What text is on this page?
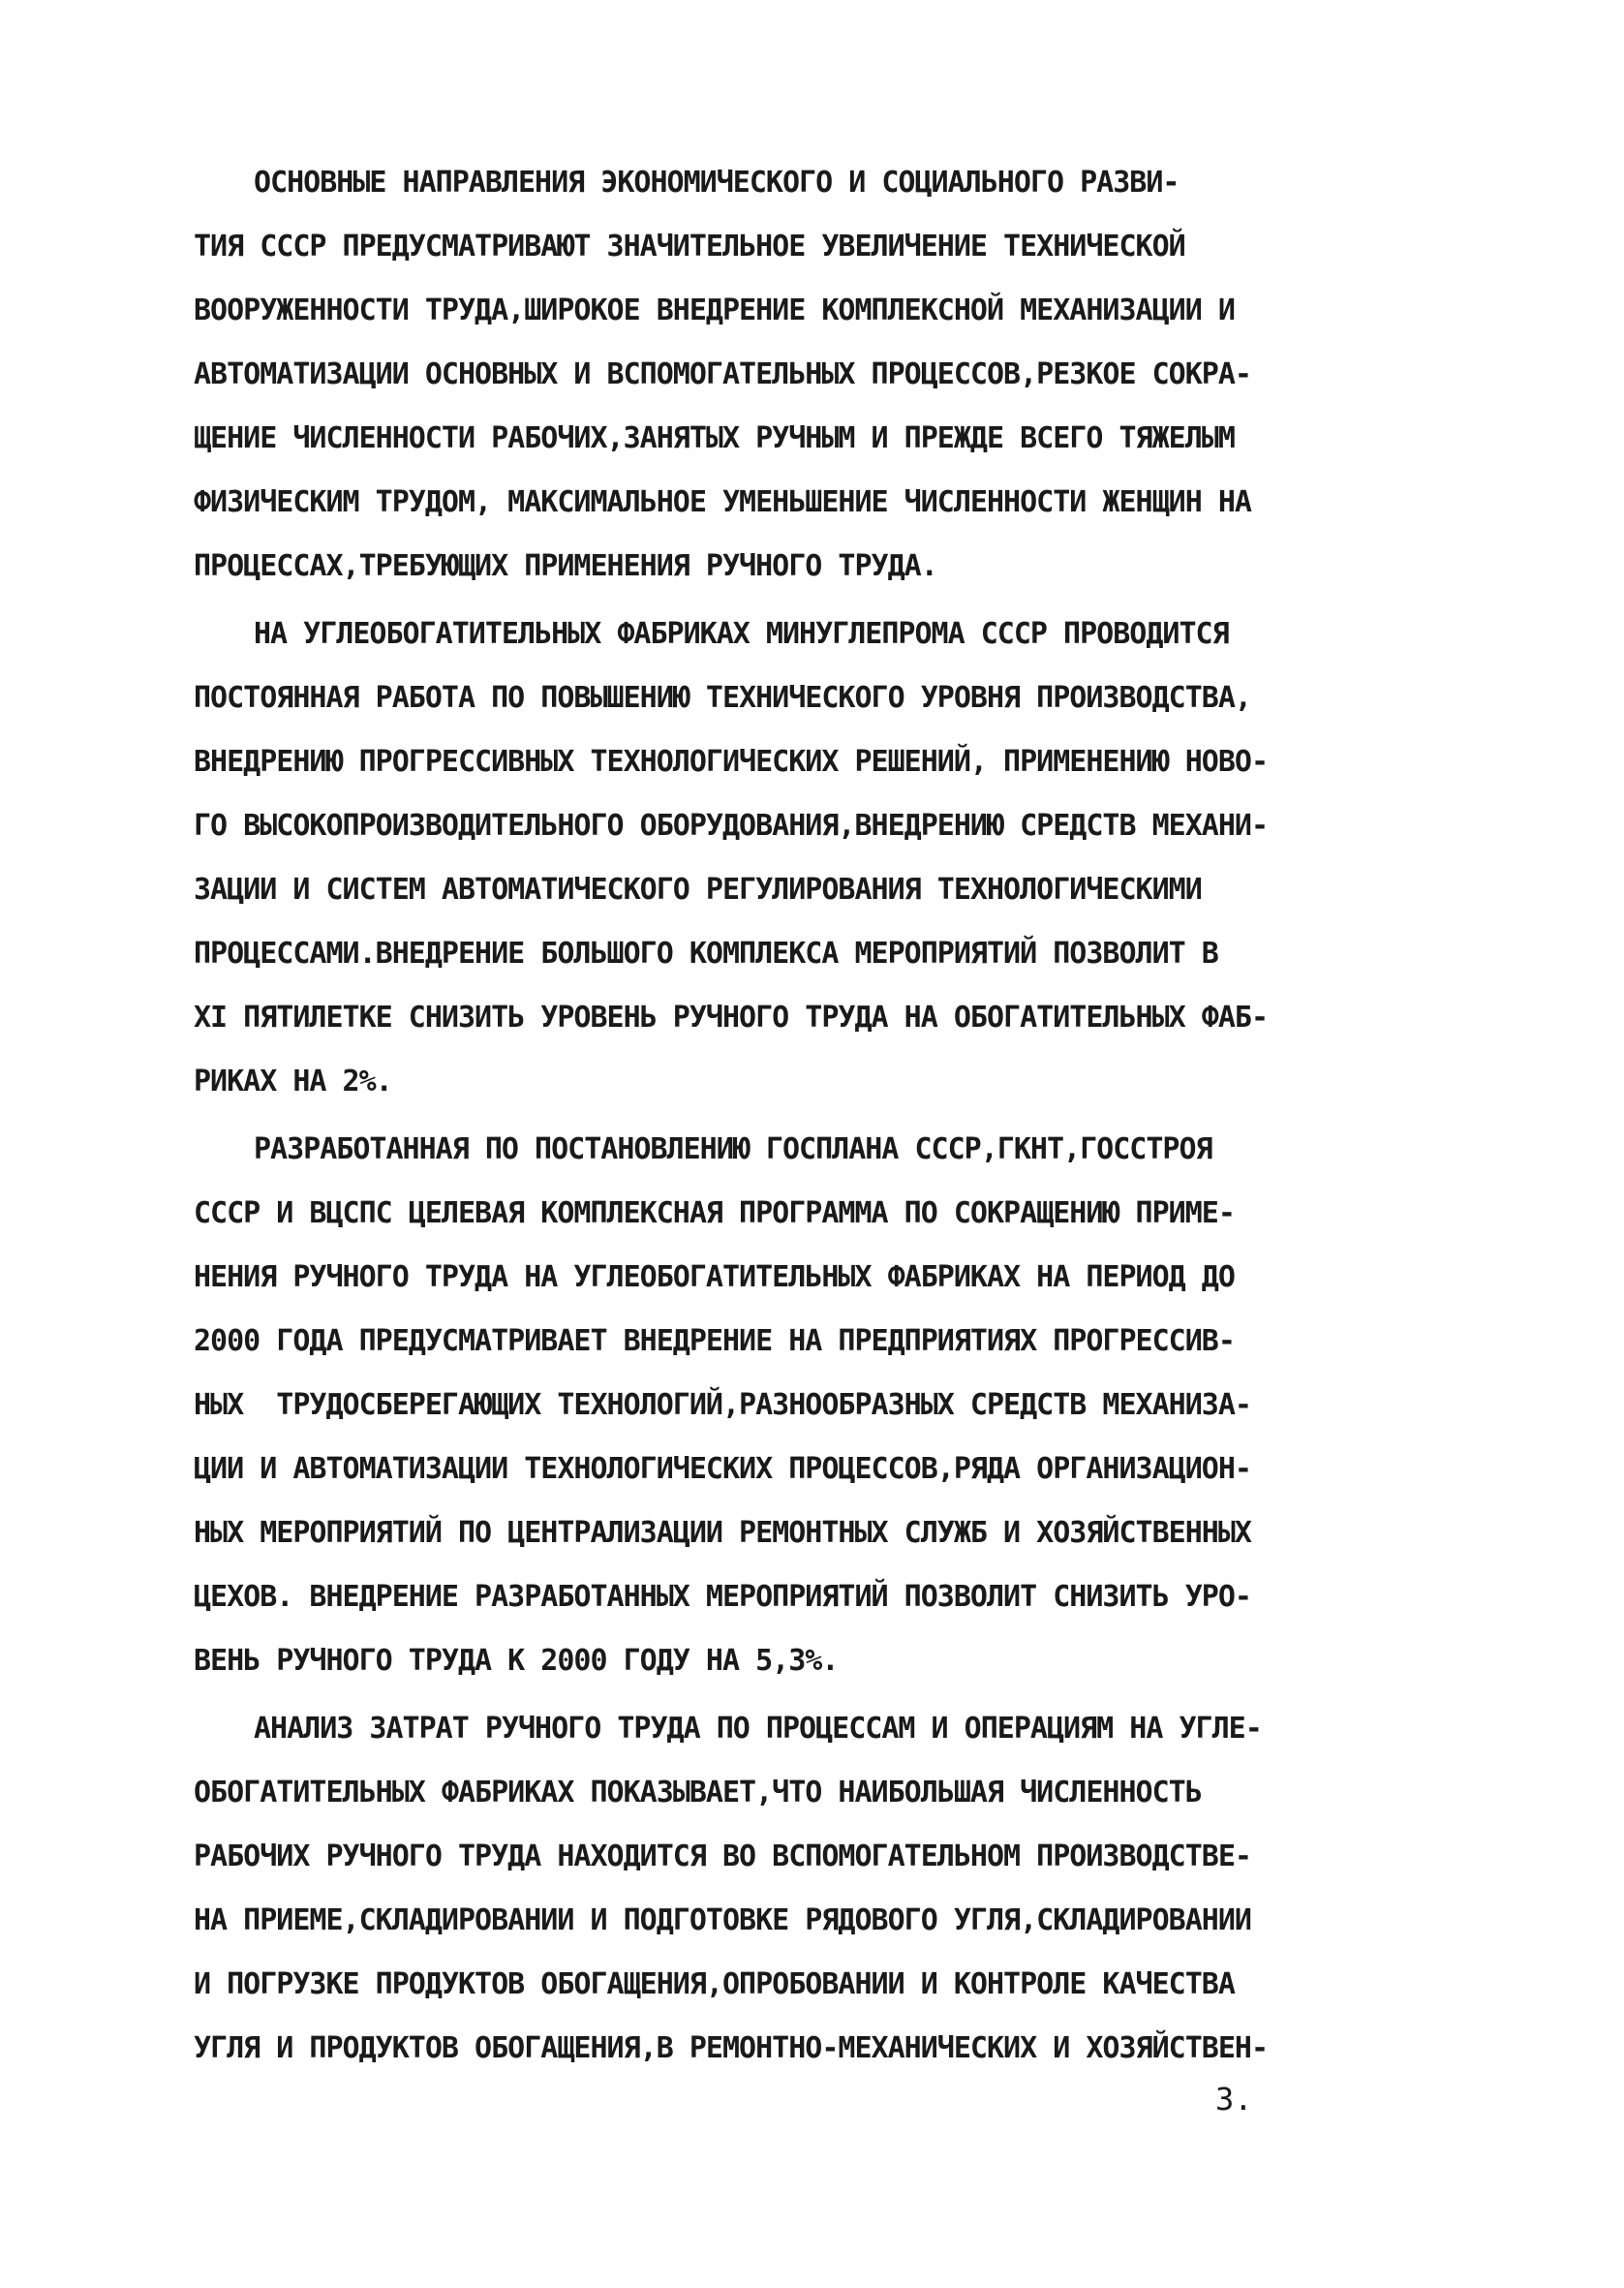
ОСНОВНЫЕ НАПРАВЛЕНИЯ ЭКОНОМИЧЕСКОГО И СОЦИАЛЬНОГО РАЗВИ-
ТИЯ СССР ПРЕДУСМАТРИВАЮТ ЗНАЧИТЕЛЬНОЕ УВЕЛИЧЕНИЕ ТЕХНИЧЕСКОЙ
ВООРУЖЕННОСТИ ТРУДА,ШИРОКОЕ ВНЕДРЕНИЕ КОМПЛЕКСНОЙ МЕХАНИЗАЦИИ И
АВТОМАТИЗАЦИИ ОСНОВНЫХ И ВСПОМОГАТЕЛЬНЫХ ПРОЦЕССОВ,РЕЗКОЕ СОКРА-
ЩЕНИЕ ЧИСЛЕННОСТИ РАБОЧИХ,ЗАНЯТЫХ РУЧНЫМ И ПРЕЖДЕ ВСЕГО ТЯЖЕЛЫМ
ФИЗИЧЕСКИМ ТРУДОМ, МАКСИМАЛЬНОЕ УМЕНЬШЕНИЕ ЧИСЛЕННОСТИ ЖЕНЩИН НА
ПРОЦЕССАХ,ТРЕБУЮЩИХ ПРИМЕНЕНИЯ РУЧНОГО ТРУДА.
НА УГЛЕОБОГАТИТЕЛЬНЫХ ФАБРИКАХ МИНУГЛЕПРОМА СССР ПРОВОДИТСЯ
ПОСТОЯННАЯ РАБОТА ПО ПОВЫШЕНИЮ ТЕХНИЧЕСКОГО УРОВНЯ ПРОИЗВОДСТВА,
ВНЕДРЕНИЮ ПРОГРЕССИВНЫХ ТЕХНОЛОГИЧЕСКИХ РЕШЕНИЙ, ПРИМЕНЕНИЮ НОВО-
ГО ВЫСОКОПРОИЗВОДИТЕЛЬНОГО ОБОРУДОВАНИЯ,ВНЕДРЕНИЮ СРЕДСТВ МЕХАНИ-
ЗАЦИИ И СИСТЕМ АВТОМАТИЧЕСКОГО РЕГУЛИРОВАНИЯ ТЕХНОЛОГИЧЕСКИМИ
ПРОЦЕССАМИ.ВНЕДРЕНИЕ БОЛЬШОГО КОМПЛЕКСА МЕРОПРИЯТИЙ ПОЗВОЛИТ В
XI ПЯТИЛЕТКЕ СНИЗИТЬ УРОВЕНЬ РУЧНОГО ТРУДА НА ОБОГАТИТЕЛЬНЫХ ФАБ-
РИКАХ НА 2%.
РАЗРАБОТАННАЯ ПО ПОСТАНОВЛЕНИЮ ГОСПЛАНА СССР,ГКНТ,ГОССТРОЯ
СССР И ВЦСПС ЦЕЛЕВАЯ КОМПЛЕКСНАЯ ПРОГРАММА ПО СОКРАЩЕНИЮ ПРИМЕ-
НЕНИЯ РУЧНОГО ТРУДА НА УГЛЕОБОГАТИТЕЛЬНЫХ ФАБРИКАХ НА ПЕРИОД ДО
2000 ГОДА ПРЕДУСМАТРИВАЕТ ВНЕДРЕНИЕ НА ПРЕДПРИЯТИЯХ ПРОГРЕССИВ-
НЫХ  ТРУДОСБЕРЕГАЮЩИХ ТЕХНОЛОГИЙ,РАЗНООБРАЗНЫХ СРЕДСТВ МЕХАНИЗА-
ЦИИ И АВТОМАТИЗАЦИИ ТЕХНОЛОГИЧЕСКИХ ПРОЦЕССОВ,РЯДА ОРГАНИЗАЦИОН-
НЫХ МЕРОПРИЯТИЙ ПО ЦЕНТРАЛИЗАЦИИ РЕМОНТНЫХ СЛУЖБ И ХОЗЯЙСТВЕННЫХ
ЦЕХОВ. ВНЕДРЕНИЕ РАЗРАБОТАННЫХ МЕРОПРИЯТИЙ ПОЗВОЛИТ СНИЗИТЬ УРО-
ВЕНЬ РУЧНОГО ТРУДА К 2000 ГОДУ НА 5,3%.
АНАЛИЗ ЗАТРАТ РУЧНОГО ТРУДА ПО ПРОЦЕССАМ И ОПЕРАЦИЯМ НА УГЛЕ-
ОБОГАТИТЕЛЬНЫХ ФАБРИКАХ ПОКАЗЫВАЕТ,ЧТО НАИБОЛЬШАЯ ЧИСЛЕННОСТЬ
РАБОЧИХ РУЧНОГО ТРУДА НАХОДИТСЯ ВО ВСПОМОГАТЕЛЬНОМ ПРОИЗВОДСТВЕ-
НА ПРИЕМЕ,СКЛАДИРОВАНИИ И ПОДГОТОВКЕ РЯДОВОГО УГЛЯ,СКЛАДИРОВАНИИ
И ПОГРУЗКЕ ПРОДУКТОВ ОБОГАЩЕНИЯ,ОПРОБОВАНИИ И КОНТРОЛЕ КАЧЕСТВА
УГЛЯ И ПРОДУКТОВ ОБОГАЩЕНИЯ,В РЕМОНТНО-МЕХАНИЧЕСКИХ И ХОЗЯЙСТВЕН-
3.
